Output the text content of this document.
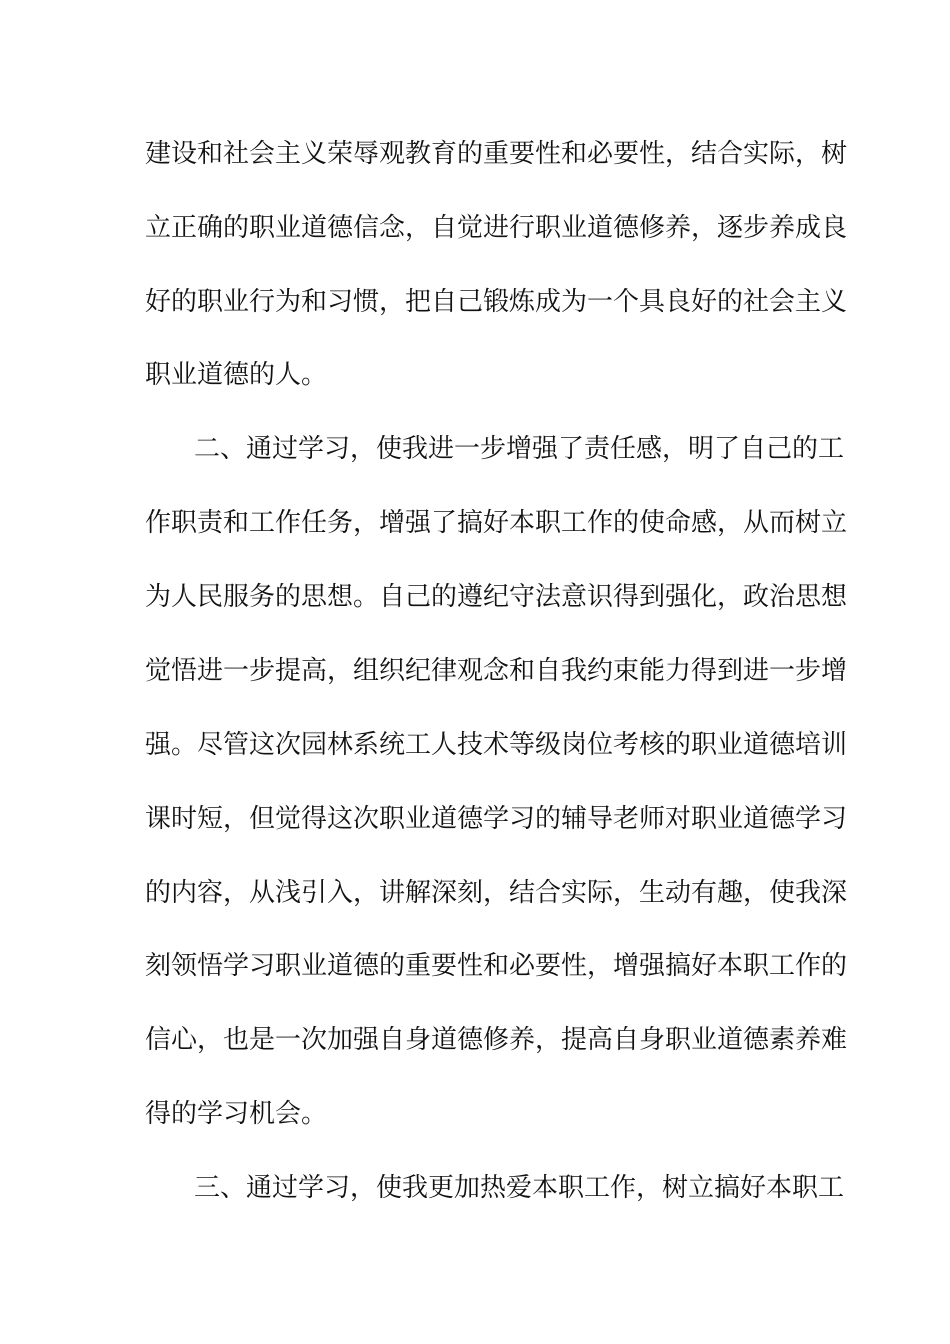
建设和社会主义荣辱观教育的重要性和必要性，结合实际，树
立正确的职业道德信念，自觉进行职业道德修养，逐步养成良
好的职业行为和习惯，把自己锻炼成为一个具良好的社会主义
职业道德的人。
二、通过学习，使我进一步增强了责任感，明了自己的工
作职责和工作任务，增强了搞好本职工作的使命感，从而树立
为人民服务的思想。自己的遵纪守法意识得到强化，政治思想
觉悟进一步提高，组织纪律观念和自我约束能力得到进一步增
强。尽管这次园林系统工人技术等级岗位考核的职业道德培训
课时短，但觉得这次职业道德学习的辅导老师对职业道德学习
的内容，从浅引入，讲解深刻，结合实际，生动有趣，使我深
刻领悟学习职业道德的重要性和必要性，增强搞好本职工作的
信心，也是一次加强自身道德修养，提高自身职业道德素养难
得的学习机会。
三、通过学习，使我更加热爱本职工作，树立搞好本职工
